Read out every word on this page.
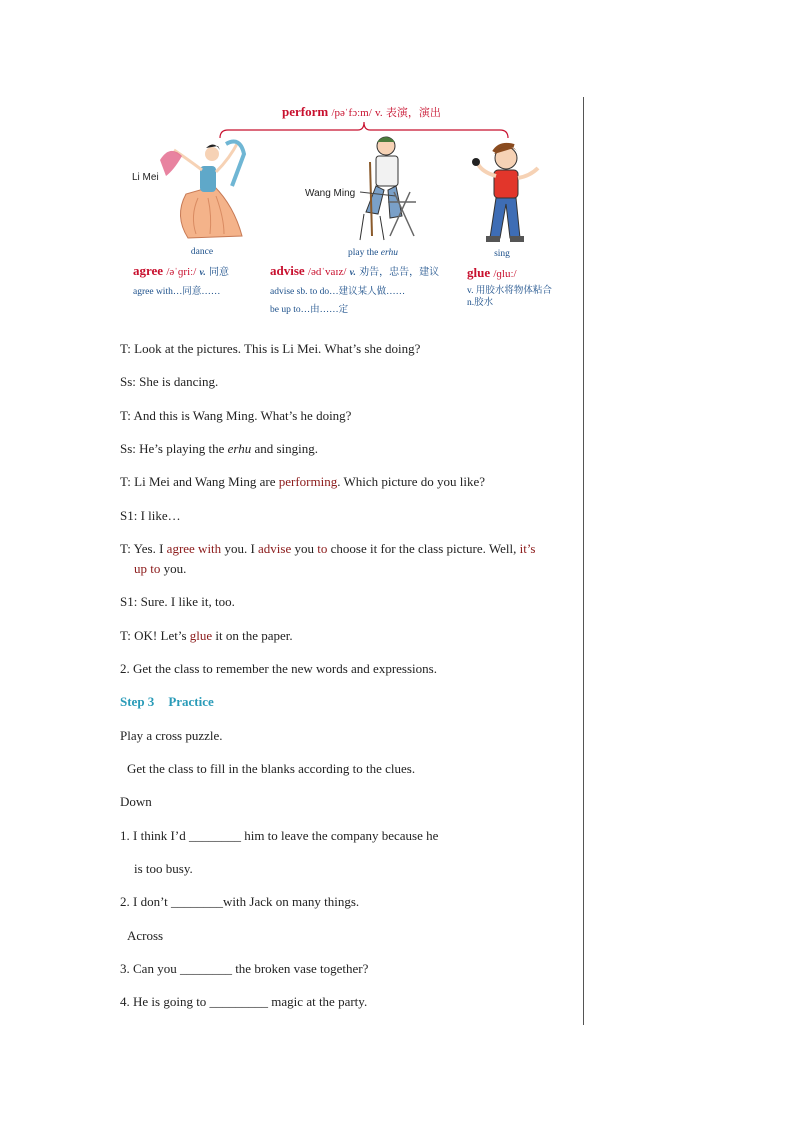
perform /pəˈfɔːm/ v. 表演，演出
Li Mei
dance
Wang Ming
play the erhu	sing
agree /əˈɡriː/ v. 同意
agree with…同意……
advise /ədˈvaɪz/ v. 劝告，忠告，建议
advise sb. to do…建议某人做……
be up to…由……定
glue /ɡluː/
v. 用胶水将物体粘合
n.胶水
T: Look at the pictures. This is Li Mei. What’s she doing?
Ss: She is dancing.
T: And this is Wang Ming. What’s he doing?
Ss: He’s playing the erhu and singing.
T: Li Mei and Wang Ming are performing. Which picture do you like?
S1: I like…
T: Yes. I agree with you. I advise you to choose it for the class picture. Well, it’s
up to you.
S1: Sure. I like it, too.
T: OK! Let’s glue it on the paper.
2. Get the class to remember the new words and expressions.
Step 3 Practice
Play a cross puzzle.
Get the class to fill in the blanks according to the clues.
Down
1. I think I’d ________ him to leave the company because he
is too busy.
2. I don’t ________with Jack on many things.
Across
3. Can you ________ the broken vase together?
4. He is going to _________ magic at the party.
